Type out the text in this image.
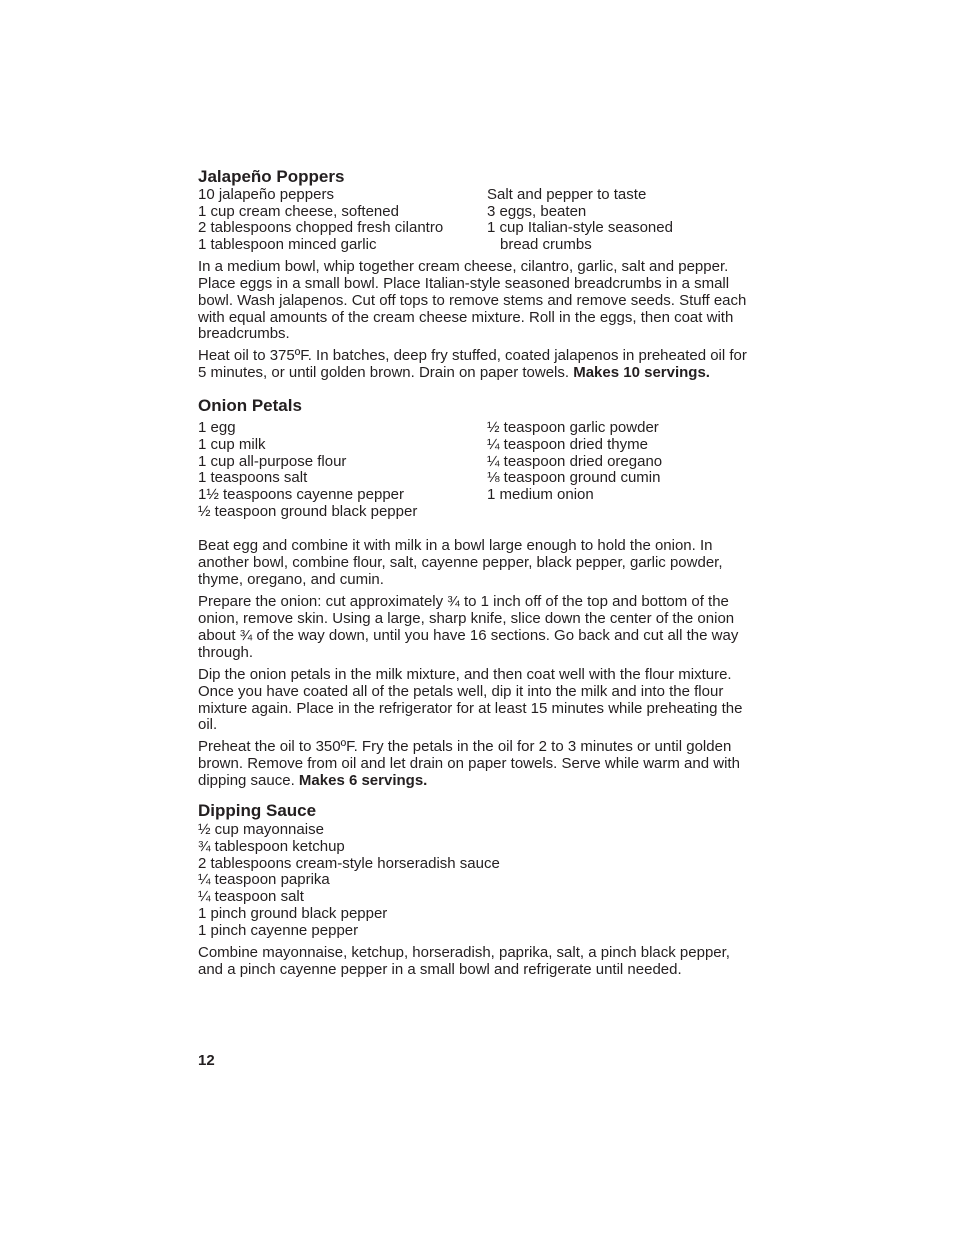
Jalapeño Poppers
10 jalapeño peppers
1 cup cream cheese, softened
2 tablespoons chopped fresh cilantro
1 tablespoon minced garlic
Salt and pepper to taste
3 eggs, beaten
1 cup Italian-style seasoned
bread crumbs

In a medium bowl, whip together cream cheese, cilantro, garlic, salt and pepper. Place eggs in a small bowl. Place Italian-style seasoned breadcrumbs in a small bowl. Wash jalapenos. Cut off tops to remove stems and remove seeds. Stuff each with equal amounts of the cream cheese mixture. Roll in the eggs, then coat with breadcrumbs.

Heat oil to 375ºF. In batches, deep fry stuffed, coated jalapenos in preheated oil for 5 minutes, or until golden brown. Drain on paper towels. Makes 10 servings.

Onion Petals
1 egg
1 cup milk
1 cup all-purpose flour
1 teaspoons salt
1½ teaspoons cayenne pepper
½ teaspoon ground black pepper
½ teaspoon garlic powder
¼ teaspoon dried thyme
¼ teaspoon dried oregano
⅛ teaspoon ground cumin
1 medium onion

Beat egg and combine it with milk in a bowl large enough to hold the onion. In another bowl, combine flour, salt, cayenne pepper, black pepper, garlic powder, thyme, oregano, and cumin.

Prepare the onion: cut approximately ¾ to 1 inch off of the top and bottom of the onion, remove skin. Using a large, sharp knife, slice down the center of the onion about ¾ of the way down, until you have 16 sections. Go back and cut all the way through.

Dip the onion petals in the milk mixture, and then coat well with the flour mixture. Once you have coated all of the petals well, dip it into the milk and into the flour mixture again. Place in the refrigerator for at least 15 minutes while preheating the oil.

Preheat the oil to 350ºF. Fry the petals in the oil for 2 to 3 minutes or until golden brown. Remove from oil and let drain on paper towels. Serve while warm and with dipping sauce. Makes 6 servings.

Dipping Sauce
½ cup mayonnaise
¾ tablespoon ketchup
2 tablespoons cream-style horseradish sauce
¼ teaspoon paprika
¼ teaspoon salt
1 pinch ground black pepper
1 pinch cayenne pepper

Combine mayonnaise, ketchup, horseradish, paprika, salt, a pinch black pepper, and a pinch cayenne pepper in a small bowl and refrigerate until needed.

12
